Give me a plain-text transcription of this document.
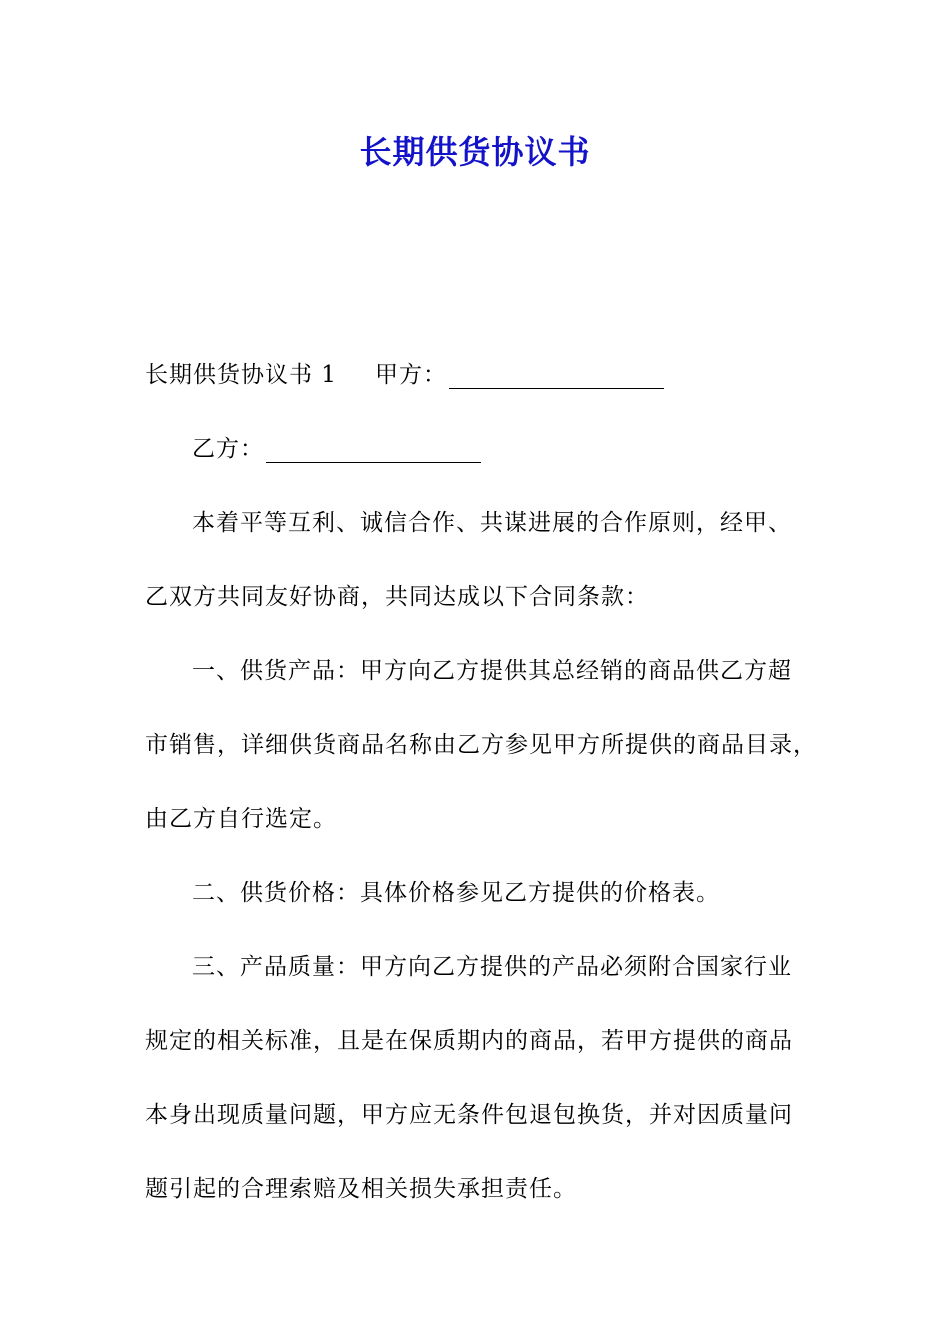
长期供货协议书
长期供货协议书 1 甲方：
乙方：
本着平等互利、诚信合作、共谋进展的合作原则，经甲、
乙双方共同友好协商，共同达成以下合同条款：
一、供货产品：甲方向乙方提供其总经销的商品供乙方超
市销售，详细供货商品名称由乙方参见甲方所提供的商品目录，
由乙方自行选定。
二、供货价格：具体价格参见乙方提供的价格表。
三、产品质量：甲方向乙方提供的产品必须附合国家行业
规定的相关标准，且是在保质期内的商品，若甲方提供的商品
本身出现质量问题，甲方应无条件包退包换货，并对因质量问
题引起的合理索赔及相关损失承担责任。
